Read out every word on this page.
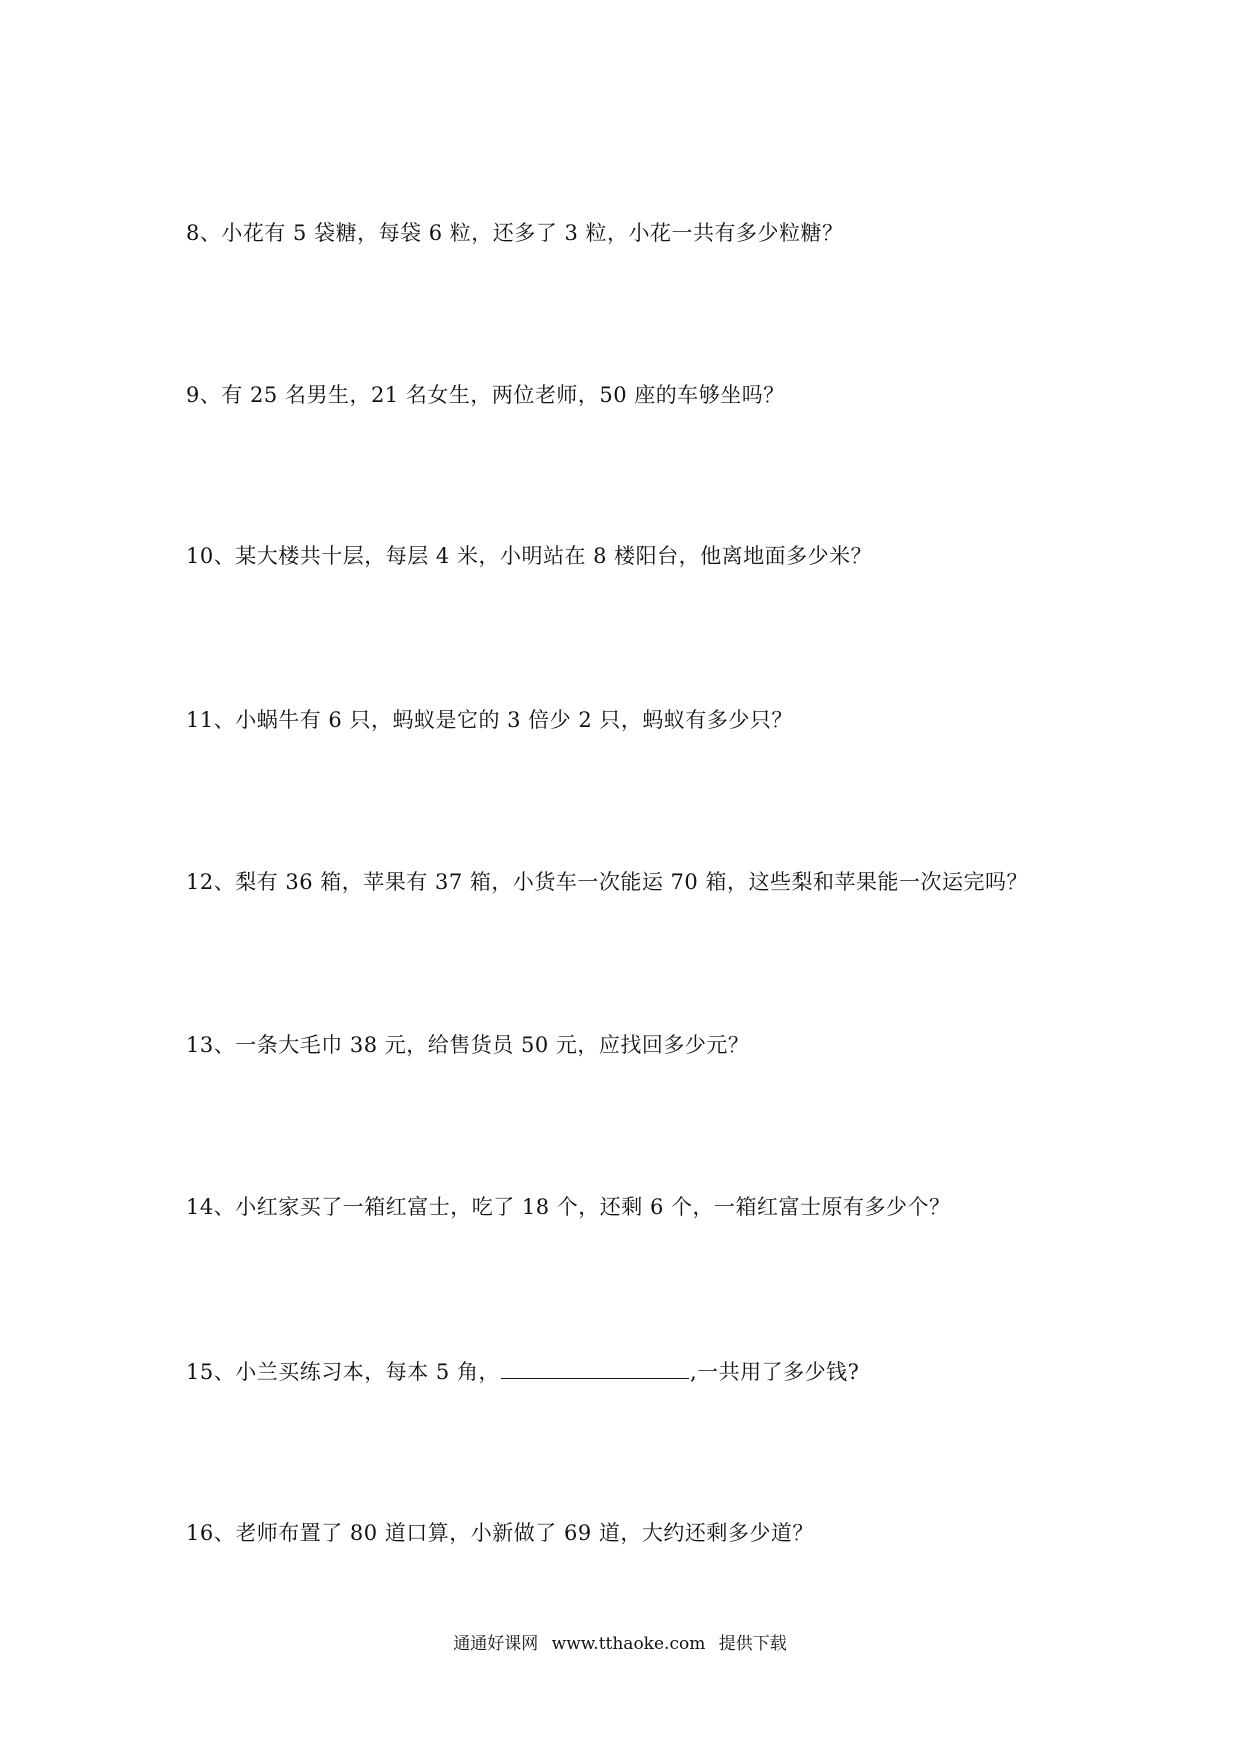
8、小花有 5 袋糖，每袋 6 粒，还多了 3 粒，小花一共有多少粒糖？
9、有 25 名男生，21 名女生，两位老师，50 座的车够坐吗？
10、某大楼共十层，每层 4 米，小明站在 8 楼阳台，他离地面多少米？
11、小蜗牛有 6 只，蚂蚁是它的 3 倍少 2 只，蚂蚁有多少只？
12、梨有 36 箱，苹果有 37 箱，小货车一次能运 70 箱，这些梨和苹果能一次运完吗？
13、一条大毛巾 38 元，给售货员 50 元，应找回多少元？
14、小红家买了一箱红富士，吃了 18 个，还剩 6 个，一箱红富士原有多少个？
15、小兰买练习本，每本 5 角，	,一共用了多少钱?
16、老师布置了 80 道口算，小新做了 69 道，大约还剩多少道？
通通好课网 www.tthaoke.com 提供下载
